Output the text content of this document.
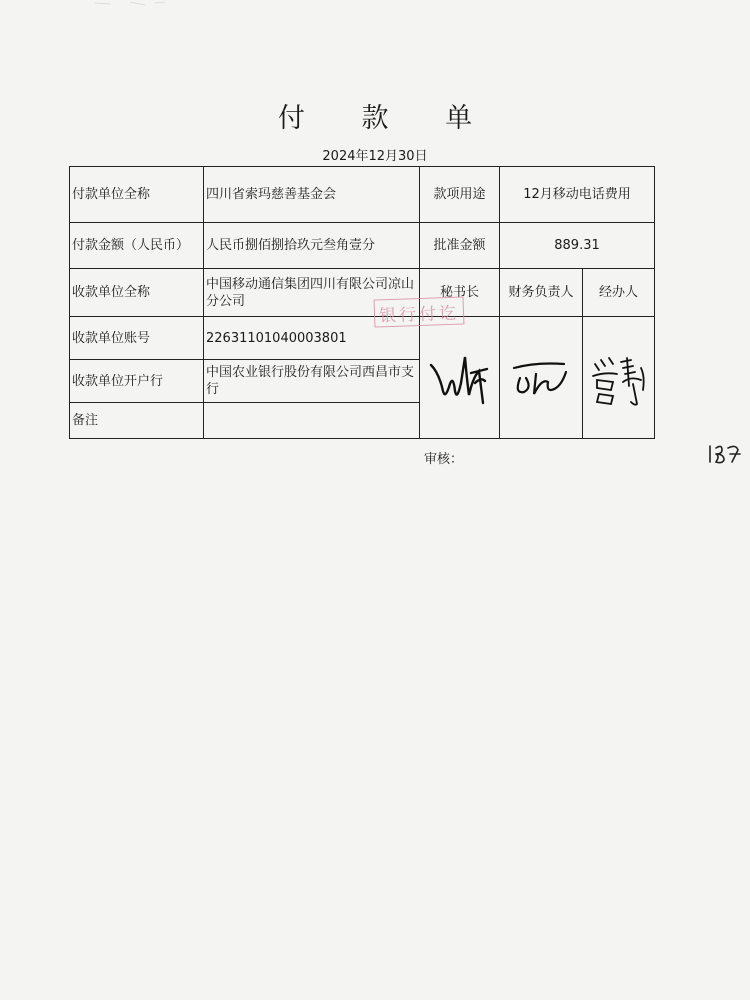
付 款 单
2024年12月30日
付款单位全称	四川省索玛慈善基金会	款项用途	12月移动电话费用	
付款金额（人民币）	人民币捌佰捌拾玖元叁角壹分	批准金额	889.31	
收款单位全称	中国移动通信集团四川有限公司凉山分公司	秘书长	财务负责人	经办人
收款单位账号	22631101040003801	

收款单位开户行	中国农业银行股份有限公司西昌市支行			
备注				
银行付讫
审核：
